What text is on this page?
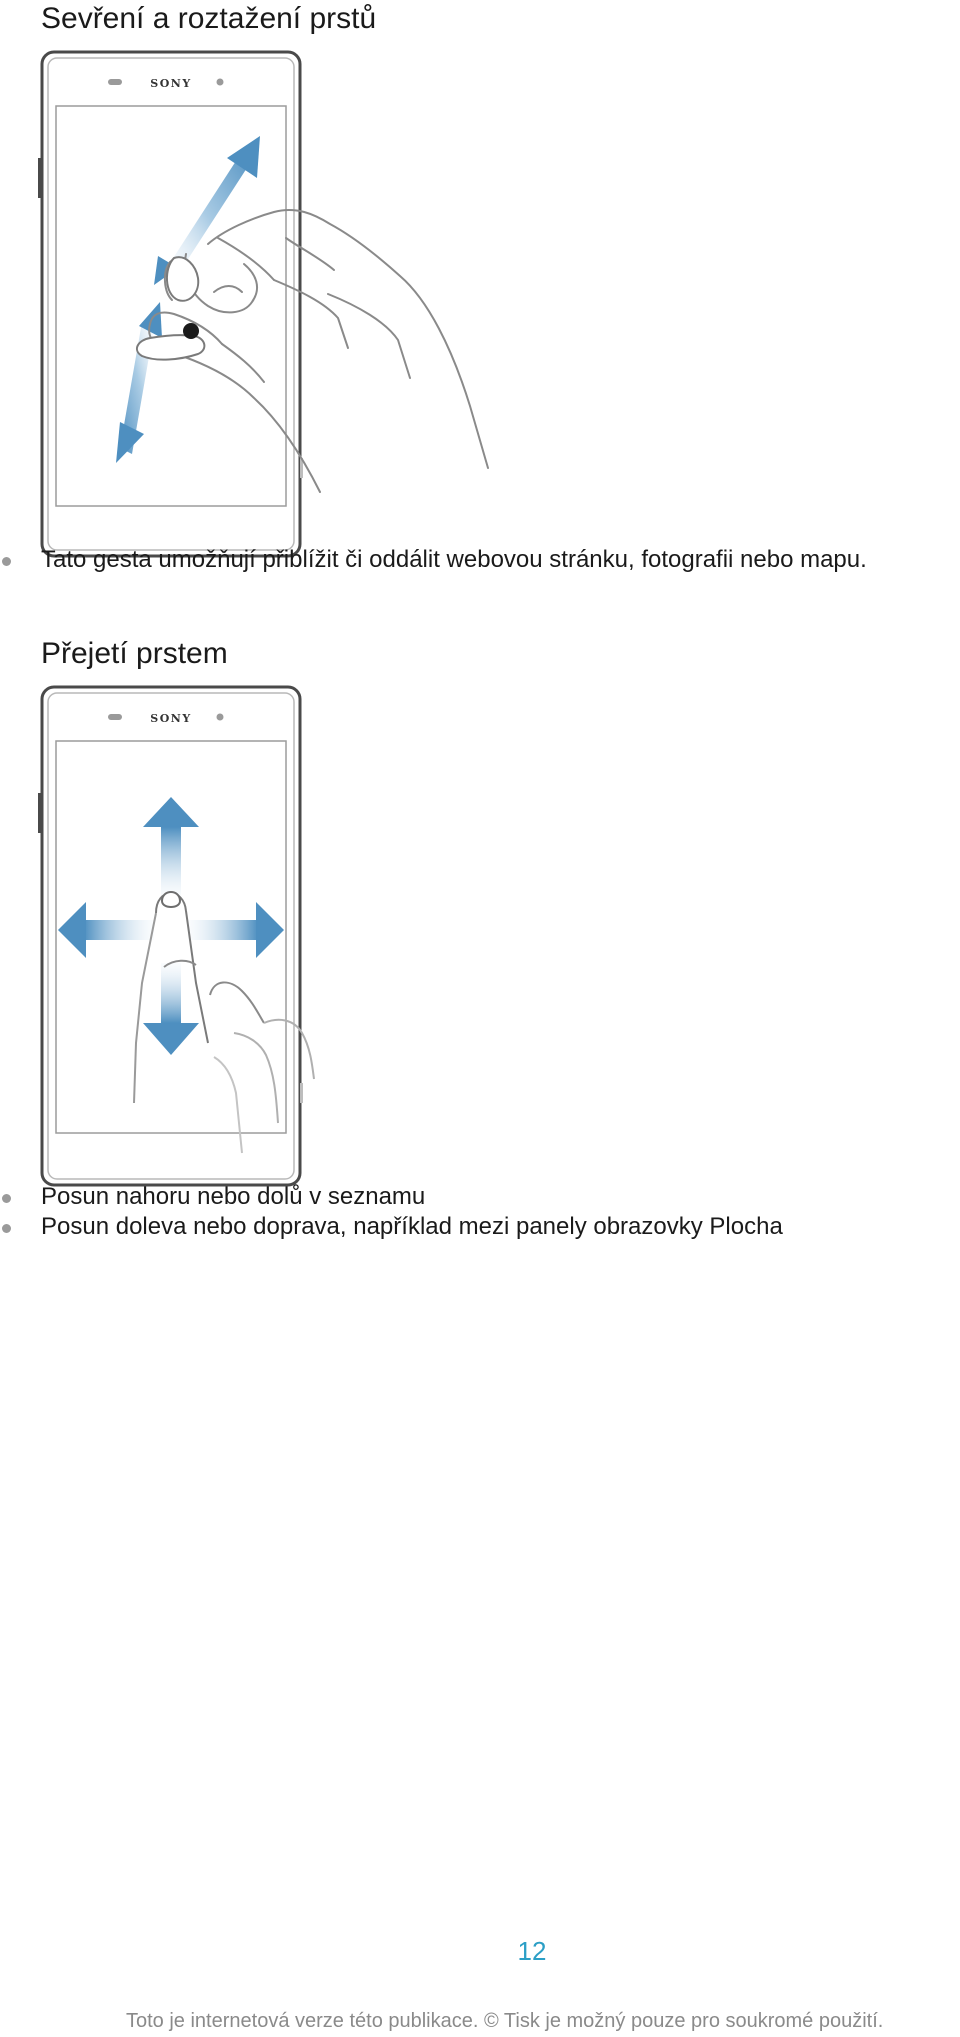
Sevření a roztažení prstů
SONY
Tato gesta umožňují přiblížit či oddálit webovou stránku, fotografii nebo mapu.
Přejetí prstem
SONY
Posun nahoru nebo dolů v seznamu
Posun doleva nebo doprava, například mezi panely obrazovky Plocha
12
Toto je internetová verze této publikace. © Tisk je možný pouze pro soukromé použití.
